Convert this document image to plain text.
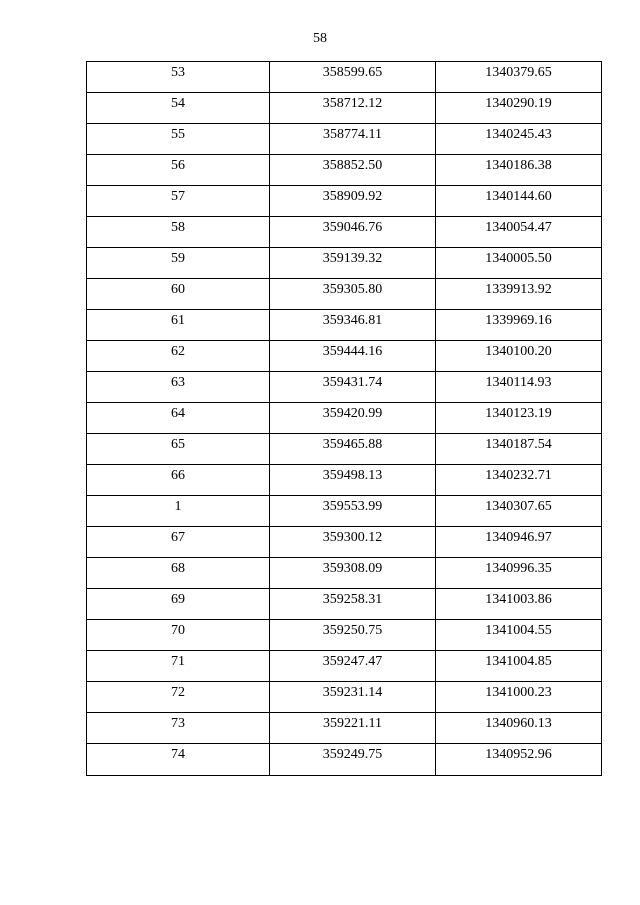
58
53	358599.65	1340379.65
54	358712.12	1340290.19
55	358774.11	1340245.43
56	358852.50	1340186.38
57	358909.92	1340144.60
58	359046.76	1340054.47
59	359139.32	1340005.50
60	359305.80	1339913.92
61	359346.81	1339969.16
62	359444.16	1340100.20
63	359431.74	1340114.93
64	359420.99	1340123.19
65	359465.88	1340187.54
66	359498.13	1340232.71
1	359553.99	1340307.65
67	359300.12	1340946.97
68	359308.09	1340996.35
69	359258.31	1341003.86
70	359250.75	1341004.55
71	359247.47	1341004.85
72	359231.14	1341000.23
73	359221.11	1340960.13
74	359249.75	1340952.96
